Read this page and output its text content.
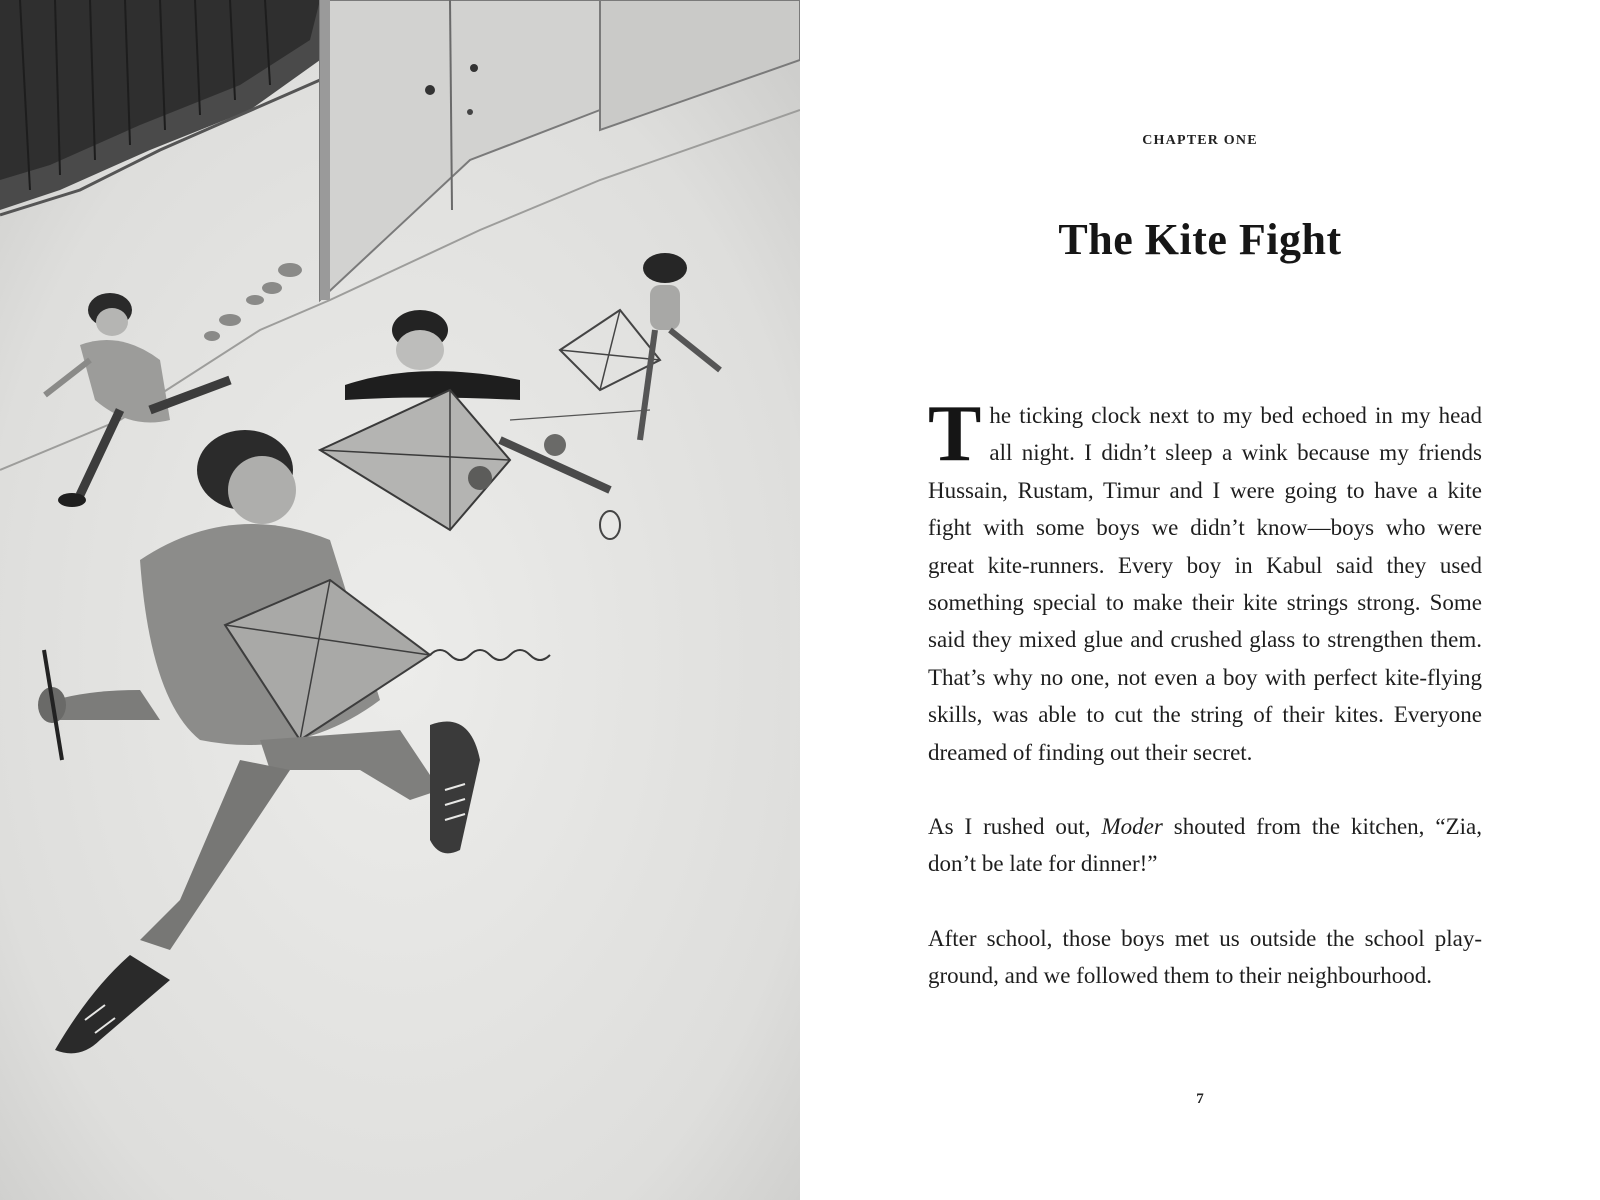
CHAPTER ONE
The Kite Fight

The ticking clock next to my bed echoed in my head all night. I didn’t sleep a wink because my friends Hussain, Rustam, Timur and I were going to have a kite fight with some boys we didn’t know—boys who were great kite-runners. Every boy in Kabul said they used something special to make their kite strings strong. Some said they mixed glue and crushed glass to strengthen them. That’s why no one, not even a boy with perfect kite-flying skills, was able to cut the string of their kites. Everyone dreamed of finding out their secret.

As I rushed out, Moder shouted from the kitchen, “Zia, don’t be late for dinner!”

After school, those boys met us outside the school playground, and we followed them to their neighbourhood.

7
